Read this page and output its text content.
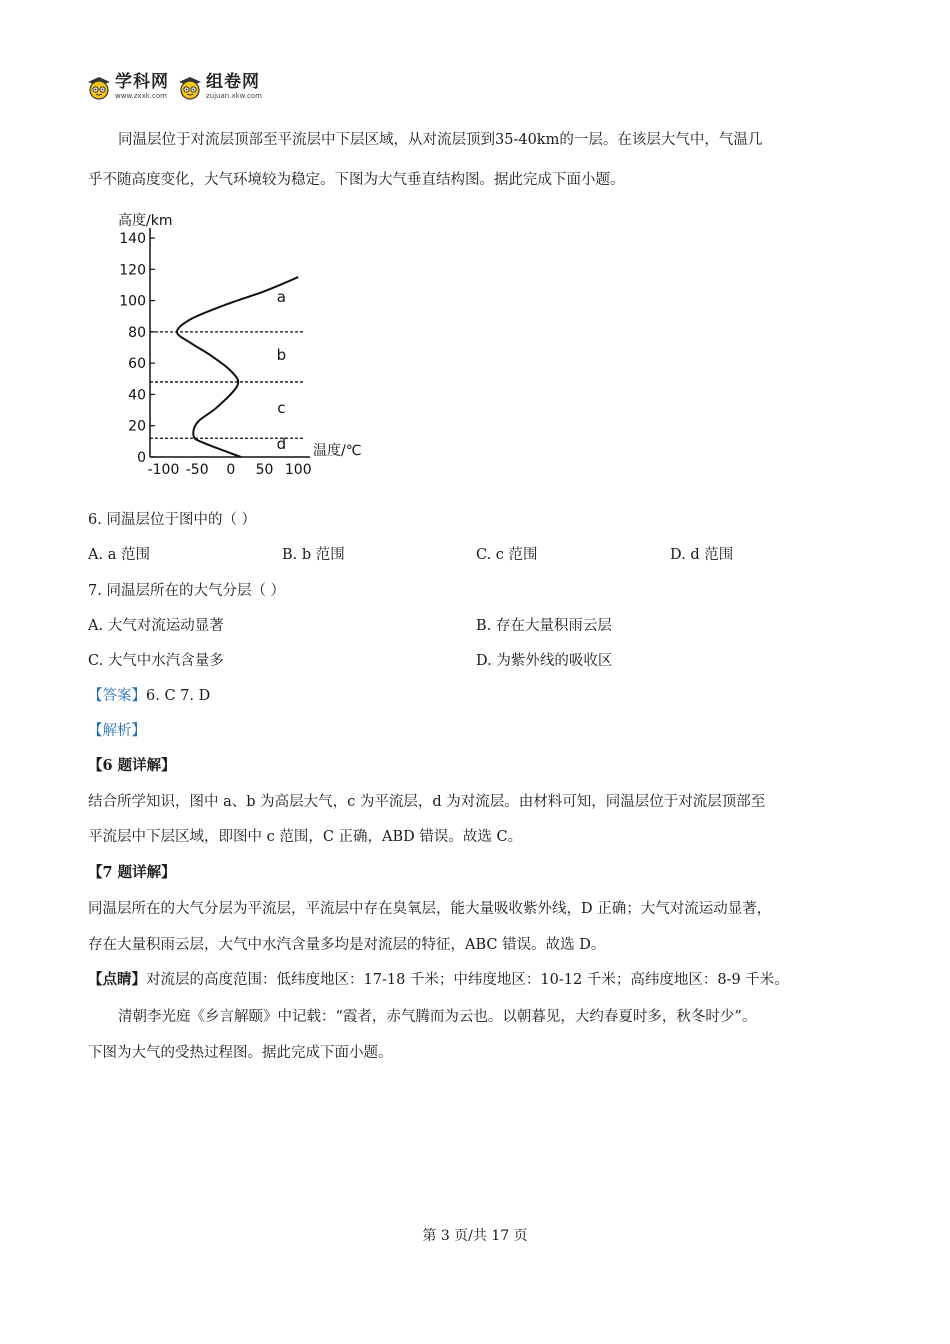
学科网
www.zxxk.com
组卷网
zujuan.xkw.com
同温层位于对流层顶部至平流层中下层区域，从对流层顶到35-40km的一层。在该层大气中，气温几
乎不随高度变化，大气环境较为稳定。下图为大气垂直结构图。据此完成下面小题。
高度/km
温度/℃
140
120
100
80
60
40
20
0
-100 -50 0 50 100
a
b
c
d
6. 同温层位于图中的（ ）
A. a 范围	B. b 范围	C. c 范围	D. d 范围
7. 同温层所在的大气分层（ ）
A. 大气对流运动显著	B. 存在大量积雨云层
C. 大气中水汽含量多	D. 为紫外线的吸收区
【答案】6. C 7. D
【解析】
【6 题详解】
结合所学知识，图中 a、b 为高层大气，c 为平流层，d 为对流层。由材料可知，同温层位于对流层顶部至
平流层中下层区域，即图中 c 范围，C 正确，ABD 错误。故选 C。
【7 题详解】
同温层所在的大气分层为平流层，平流层中存在臭氧层，能大量吸收紫外线，D 正确；大气对流运动显著，
存在大量积雨云层，大气中水汽含量多均是对流层的特征，ABC 错误。故选 D。
【点睛】对流层的高度范围：低纬度地区：17-18 千米；中纬度地区：10-12 千米；高纬度地区：8-9 千米。
清朝李光庭《乡言解颐》中记载：“霞者，赤气腾而为云也。以朝暮见，大约春夏时多，秋冬时少”。
下图为大气的受热过程图。据此完成下面小题。
第 3 页/共 17 页
